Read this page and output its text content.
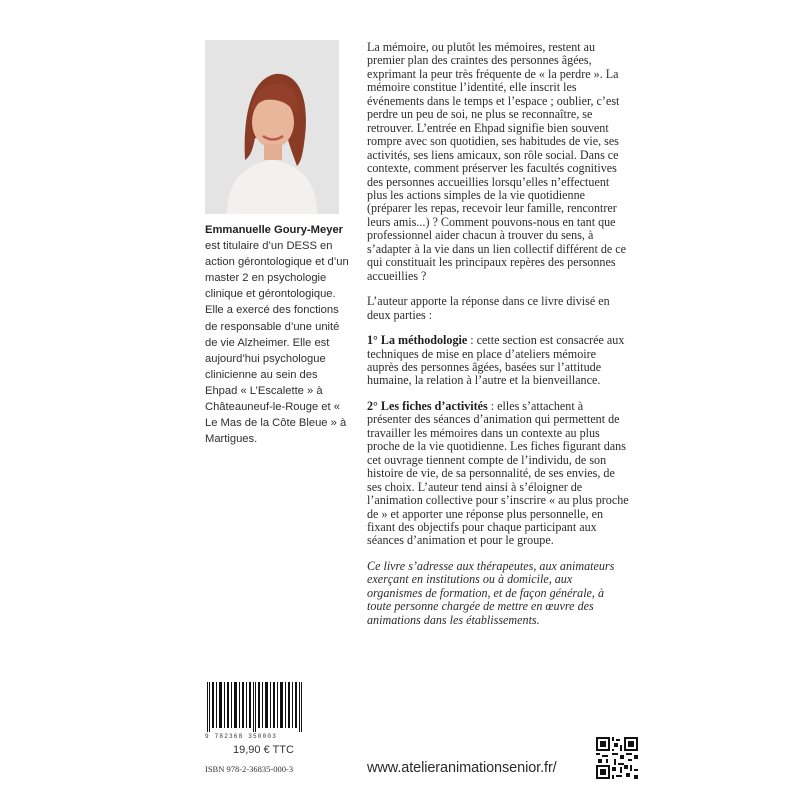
Emmanuelle Goury-Meyer est titulaire d’un DESS en action gérontologique et d’un master 2 en psychologie clinique et gérontologique. Elle a exercé des fonctions de responsable d’une unité de vie Alzheimer. Elle est aujourd’hui psychologue clinicienne au sein des Ehpad « L’Escalette » à Châteauneuf-le-Rouge et « Le Mas de la Côte Bleue » à Martigues.

La mémoire, ou plutôt les mémoires, restent au premier plan des craintes des personnes âgées, exprimant la peur très fréquente de « la perdre ». La mémoire constitue l’identité, elle inscrit les événements dans le temps et l’espace ; oublier, c’est perdre un peu de soi, ne plus se reconnaître, se retrouver. L’entrée en Ehpad signifie bien souvent rompre avec son quotidien, ses habitudes de vie, ses activités, ses liens amicaux, son rôle social. Dans ce contexte, comment préserver les facultés cognitives des personnes accueillies lorsqu’elles n’effectuent plus les actions simples de la vie quotidienne (préparer les repas, recevoir leur famille, rencontrer leurs amis...) ? Comment pouvons-nous en tant que professionnel aider chacun à trouver du sens, à s’adapter à la vie dans un lien collectif différent de ce qui constituait les principaux repères des personnes accueillies ?

L’auteur apporte la réponse dans ce livre divisé en deux parties :

1° La méthodologie : cette section est consacrée aux techniques de mise en place d’ateliers mémoire auprès des personnes âgées, basées sur l’attitude humaine, la relation à l’autre et la bienveillance.

2° Les fiches d’activités : elles s’attachent à présenter des séances d’animation qui permettent de travailler les mémoires dans un contexte au plus proche de la vie quotidienne. Les fiches figurant dans cet ouvrage tiennent compte de l’individu, de son histoire de vie, de sa personnalité, de ses envies, de ses choix. L’auteur tend ainsi à s’éloigner de l’animation collective pour s’inscrire « au plus proche de » et apporter une réponse plus personnelle, en fixant des objectifs pour chaque participant aux séances d’animation et pour le groupe.

Ce livre s’adresse aux thérapeutes, aux animateurs exerçant en institutions ou à domicile, aux organismes de formation, et de façon générale, à toute personne chargée de mettre en œuvre des animations dans les établissements.

9 782368 350003
19,90 € TTC
ISBN 978-2-36835-000-3	www.atelieranimationsenior.fr/
